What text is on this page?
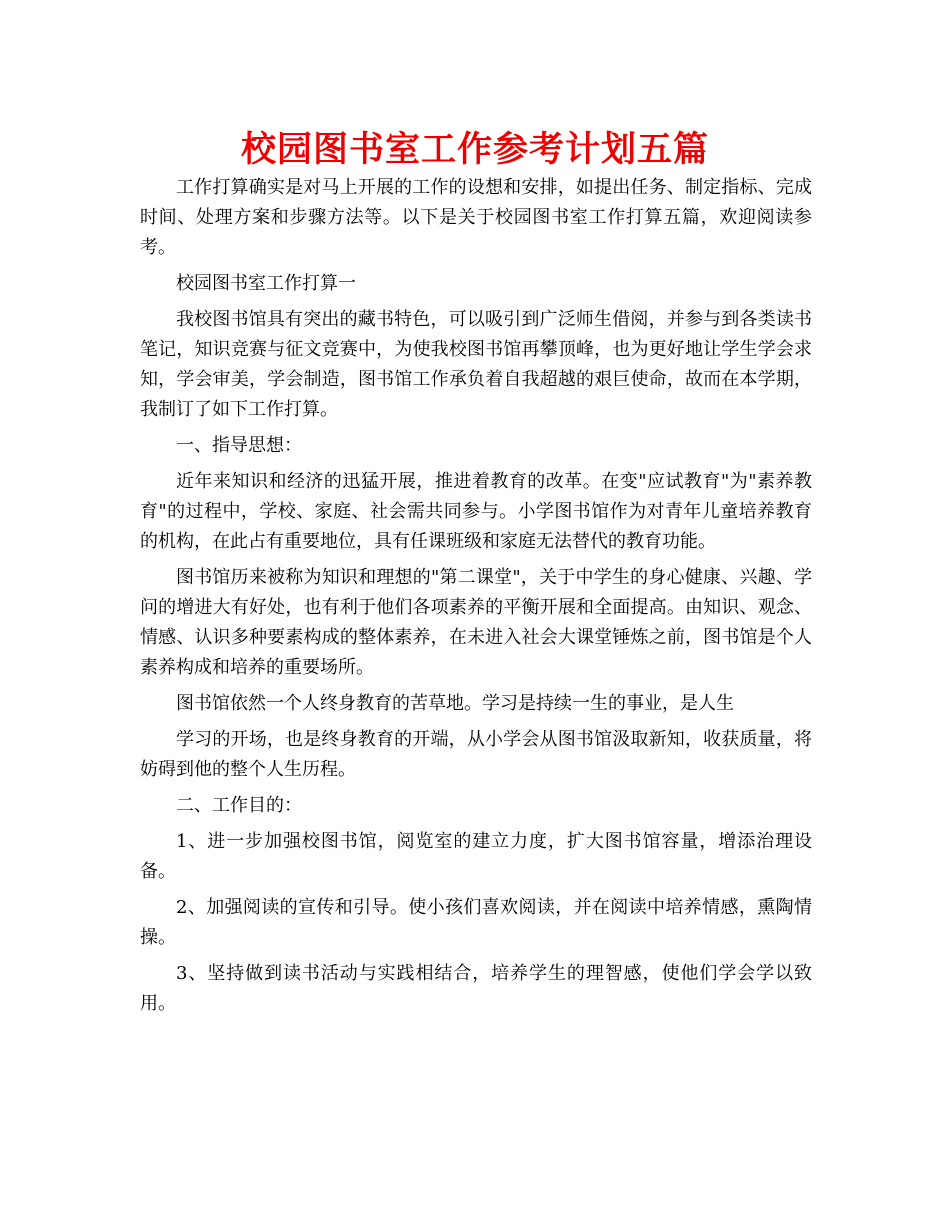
校园图书室工作参考计划五篇

工作打算确实是对马上开展的工作的设想和安排，如提出任务、制定指标、完成时间、处理方案和步骤方法等。以下是关于校园图书室工作打算五篇，欢迎阅读参考。

校园图书室工作打算一

我校图书馆具有突出的藏书特色，可以吸引到广泛师生借阅，并参与到各类读书笔记，知识竞赛与征文竞赛中，为使我校图书馆再攀顶峰，也为更好地让学生学会求知，学会审美，学会制造，图书馆工作承负着自我超越的艰巨使命，故而在本学期，我制订了如下工作打算。

一、指导思想：

近年来知识和经济的迅猛开展，推进着教育的改革。在变"应试教育"为"素养教育"的过程中，学校、家庭、社会需共同参与。小学图书馆作为对青年儿童培养教育的机构，在此占有重要地位，具有任课班级和家庭无法替代的教育功能。

图书馆历来被称为知识和理想的"第二课堂"，关于中学生的身心健康、兴趣、学问的增进大有好处，也有利于他们各项素养的平衡开展和全面提高。由知识、观念、情感、认识多种要素构成的整体素养，在未进入社会大课堂锤炼之前，图书馆是个人素养构成和培养的重要场所。

图书馆依然一个人终身教育的苦草地。学习是持续一生的事业，是人生

学习的开场，也是终身教育的开端，从小学会从图书馆汲取新知，收获质量，将妨碍到他的整个人生历程。

二、工作目的：

1、进一步加强校图书馆，阅览室的建立力度，扩大图书馆容量，增添治理设备。

2、加强阅读的宣传和引导。使小孩们喜欢阅读，并在阅读中培养情感，熏陶情操。

3、坚持做到读书活动与实践相结合，培养学生的理智感，使他们学会学以致用。
